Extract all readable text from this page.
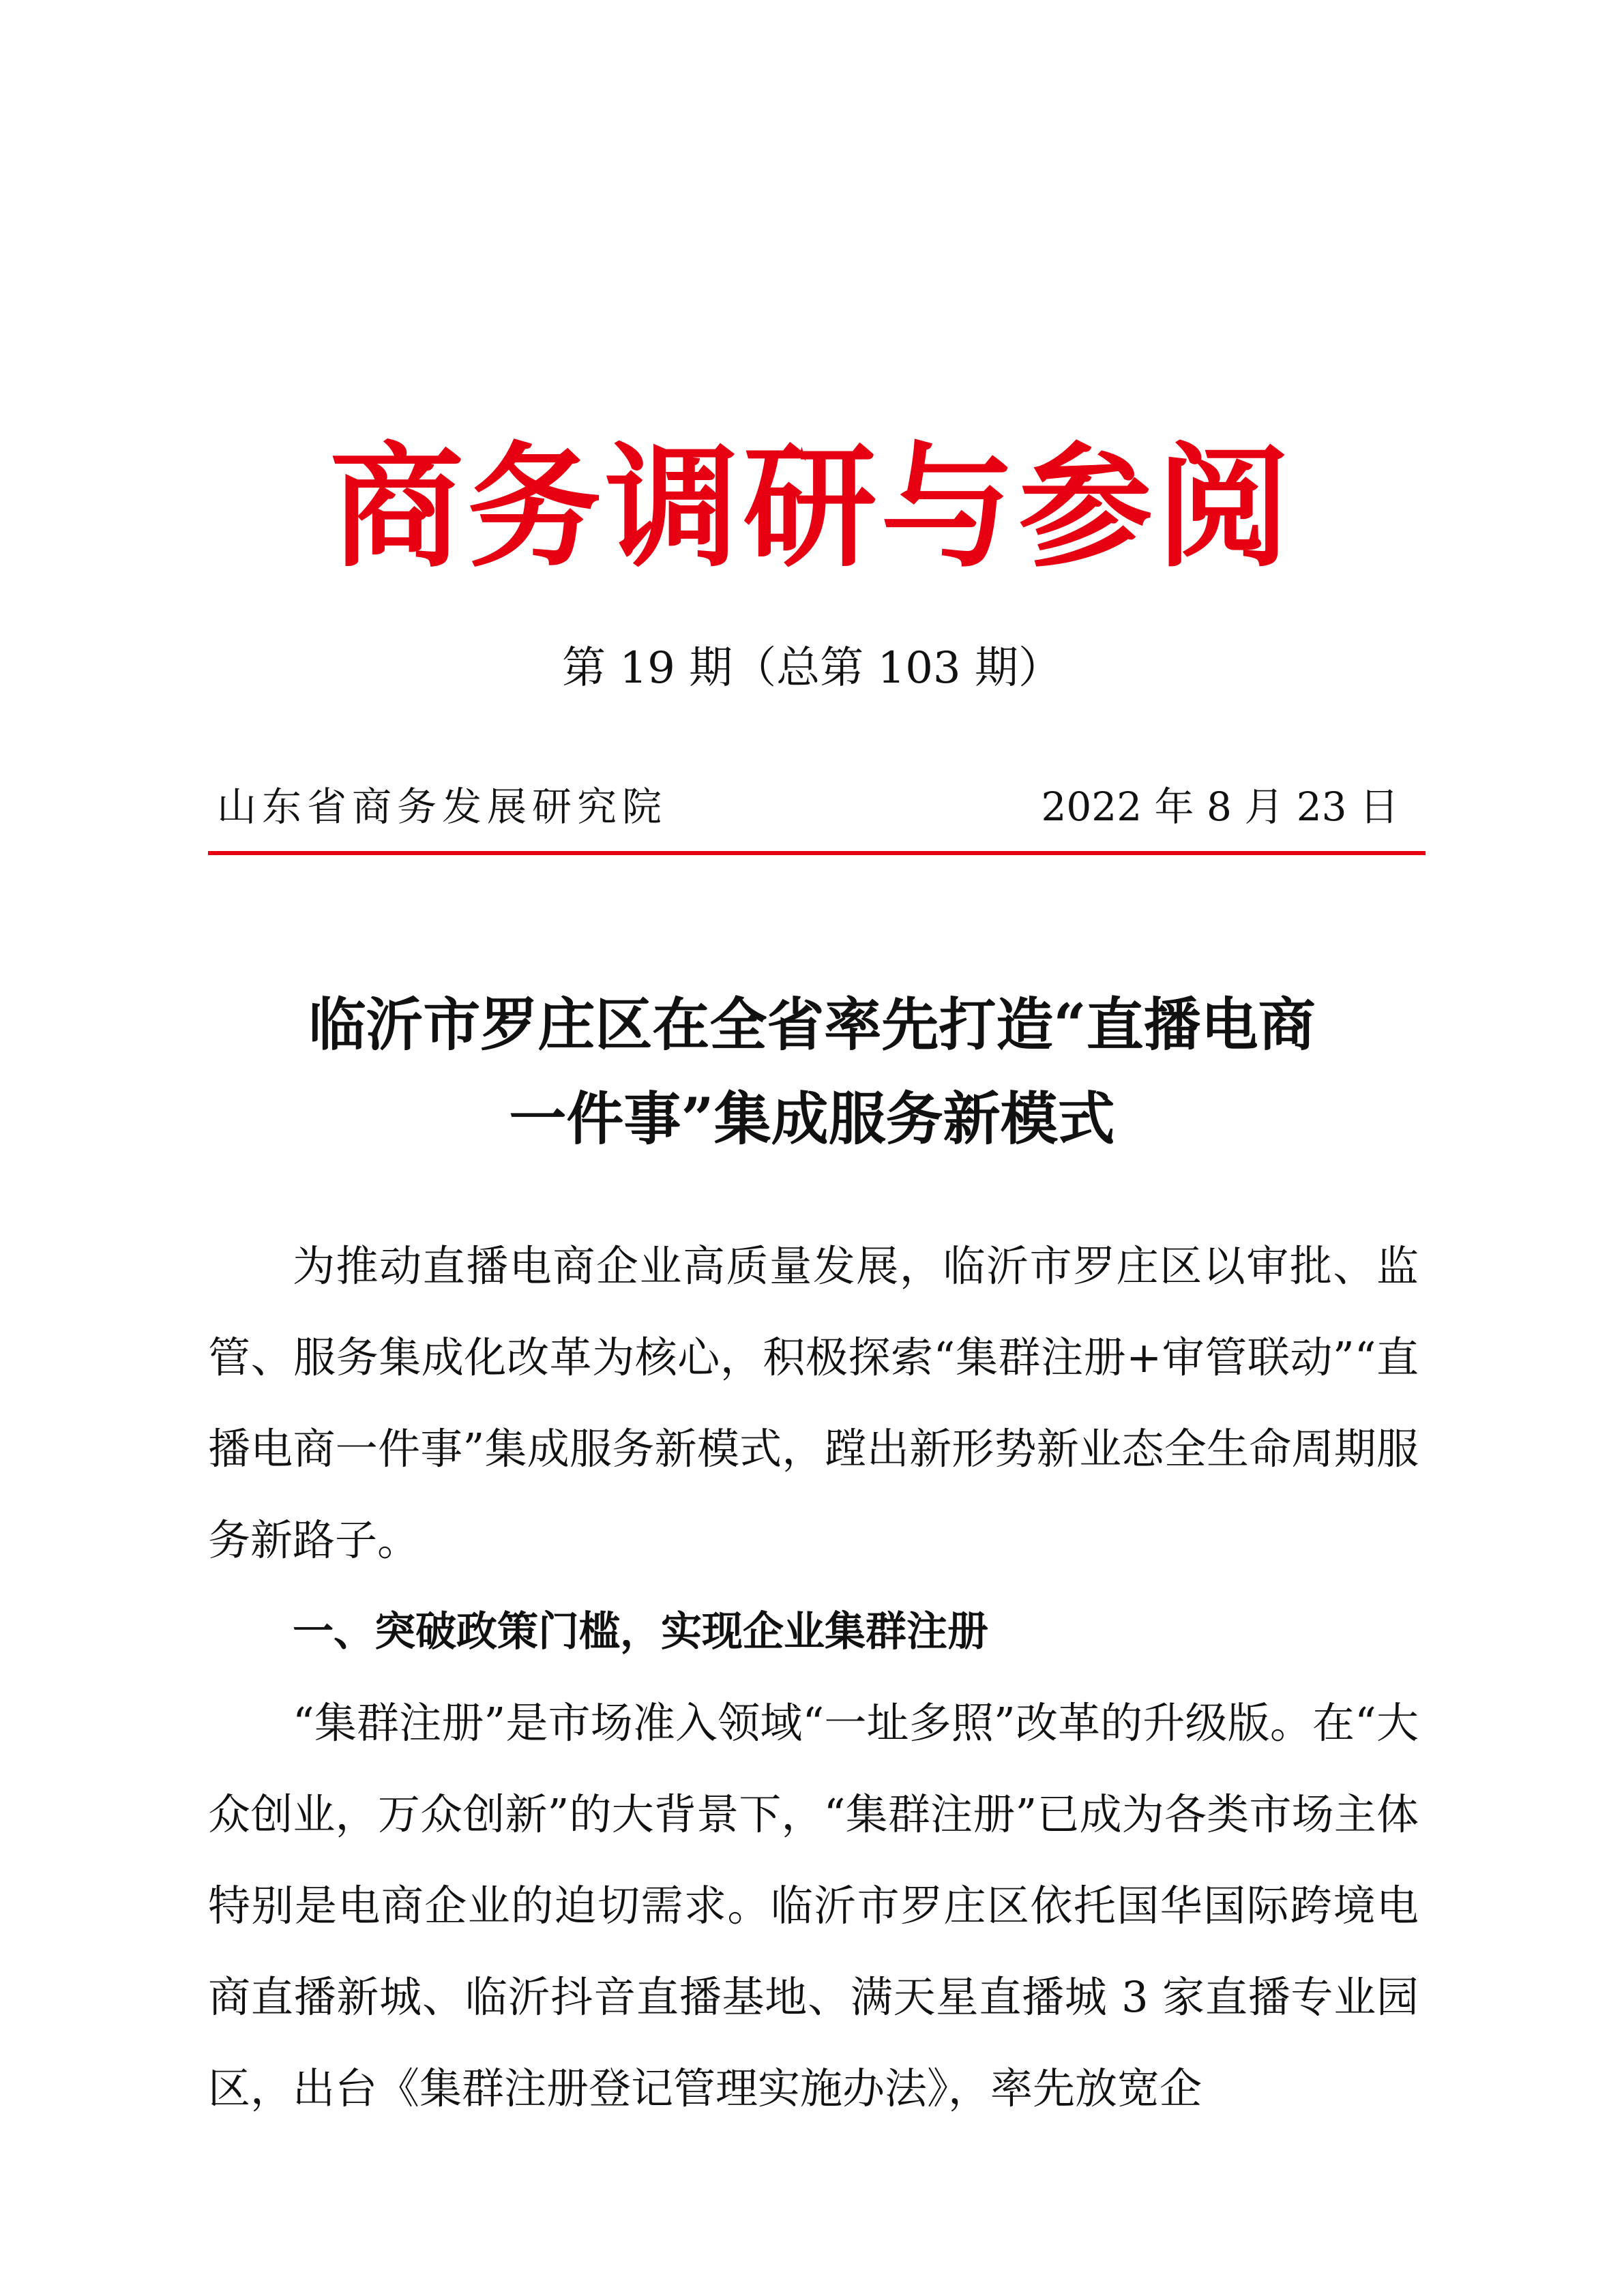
商务调研与参阅
第 19 期（总第 103 期）
山东省商务发展研究院	2022 年 8 月 23 日
临沂市罗庄区在全省率先打造“直播电商
一件事”集成服务新模式

为推动直播电商企业高质量发展，临沂市罗庄区以审批、监管、服务集成化改革为核心，积极探索“集群注册+审管联动”“直播电商一件事”集成服务新模式，蹚出新形势新业态全生命周期服务新路子。

一、突破政策门槛，实现企业集群注册

“集群注册”是市场准入领域“一址多照”改革的升级版。在“大众创业，万众创新”的大背景下，“集群注册”已成为各类市场主体特别是电商企业的迫切需求。临沂市罗庄区依托国华国际跨境电商直播新城、临沂抖音直播基地、满天星直播城 3 家直播专业园区，出台《集群注册登记管理实施办法》，率先放宽企
